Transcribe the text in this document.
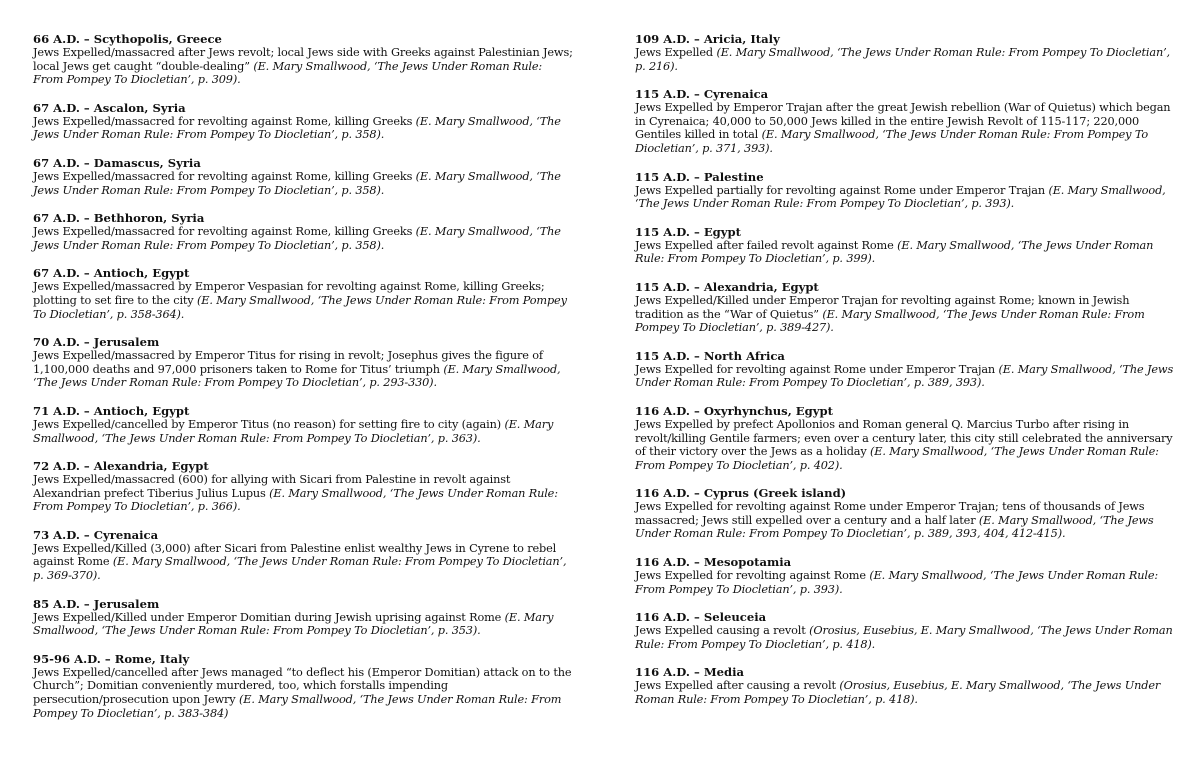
66 A.D. – Scythopolis, Greece
Jews Expelled/massacred after Jews revolt; local Jews side with Greeks against Palestinian Jews; local Jews get caught “double-dealing” (E. Mary Smallwood, ‘The Jews Under Roman Rule: From Pompey To Diocletian’, p. 309).
67 A.D. – Ascalon, Syria
Jews Expelled/massacred for revolting against Rome, killing Greeks (E. Mary Smallwood, ‘The Jews Under Roman Rule: From Pompey To Diocletian’, p. 358).
67 A.D. – Damascus, Syria
Jews Expelled/massacred for revolting against Rome, killing Greeks (E. Mary Smallwood, ‘The Jews Under Roman Rule: From Pompey To Diocletian’, p. 358).
67 A.D. – Bethhoron, Syria
Jews Expelled/massacred for revolting against Rome, killing Greeks (E. Mary Smallwood, ‘The Jews Under Roman Rule: From Pompey To Diocletian’, p. 358).
67 A.D. – Antioch, Egypt
Jews Expelled/massacred by Emperor Vespasian for revolting against Rome, killing Greeks; plotting to set fire to the city (E. Mary Smallwood, ‘The Jews Under Roman Rule: From Pompey To Diocletian’, p. 358-364).
70 A.D. – Jerusalem
Jews Expelled/massacred by Emperor Titus for rising in revolt; Josephus gives the figure of 1,100,000 deaths and 97,000 prisoners taken to Rome for Titus’ triumph (E. Mary Smallwood, ‘The Jews Under Roman Rule: From Pompey To Diocletian’, p. 293-330).
71 A.D. – Antioch, Egypt
Jews Expelled/cancelled by Emperor Titus (no reason) for setting fire to city (again) (E. Mary Smallwood, ‘The Jews Under Roman Rule: From Pompey To Diocletian’, p. 363).
72 A.D. – Alexandria, Egypt
Jews Expelled/massacred (600) for allying with Sicari from Palestine in revolt against Alexandrian prefect Tiberius Julius Lupus (E. Mary Smallwood, ‘The Jews Under Roman Rule: From Pompey To Diocletian’, p. 366).
73 A.D. – Cyrenaica
Jews Expelled/Killed (3,000) after Sicari from Palestine enlist wealthy Jews in Cyrene to rebel against Rome (E. Mary Smallwood, ‘The Jews Under Roman Rule: From Pompey To Diocletian’, p. 369-370).
85 A.D. – Jerusalem
Jews Expelled/Killed under Emperor Domitian during Jewish uprising against Rome (E. Mary Smallwood, ‘The Jews Under Roman Rule: From Pompey To Diocletian’, p. 353).
95-96 A.D. – Rome, Italy
Jews Expelled/cancelled after Jews managed “to deflect his (Emperor Domitian) attack on to the Church”; Domitian conveniently murdered, too, which forstalls impending persecution/prosecution upon Jewry (E. Mary Smallwood, ‘The Jews Under Roman Rule: From Pompey To Diocletian’, p. 383-384)
109 A.D. – Aricia, Italy
Jews Expelled (E. Mary Smallwood, ‘The Jews Under Roman Rule: From Pompey To Diocletian’, p. 216).
115 A.D. – Cyrenaica
Jews Expelled by Emperor Trajan after the great Jewish rebellion (War of Quietus) which began in Cyrenaica; 40,000 to 50,000 Jews killed in the entire Jewish Revolt of 115-117; 220,000 Gentiles killed in total (E. Mary Smallwood, ‘The Jews Under Roman Rule: From Pompey To Diocletian’, p. 371, 393).
115 A.D. – Palestine
Jews Expelled partially for revolting against Rome under Emperor Trajan (E. Mary Smallwood, ‘The Jews Under Roman Rule: From Pompey To Diocletian’, p. 393).
115 A.D. – Egypt
Jews Expelled after failed revolt against Rome (E. Mary Smallwood, ‘The Jews Under Roman Rule: From Pompey To Diocletian’, p. 399).
115 A.D. – Alexandria, Egypt
Jews Expelled/Killed under Emperor Trajan for revolting against Rome; known in Jewish tradition as the “War of Quietus” (E. Mary Smallwood, ‘The Jews Under Roman Rule: From Pompey To Diocletian’, p. 389-427).
115 A.D. – North Africa
Jews Expelled for revolting against Rome under Emperor Trajan (E. Mary Smallwood, ‘The Jews Under Roman Rule: From Pompey To Diocletian’, p. 389, 393).
116 A.D. – Oxyrhynchus, Egypt
Jews Expelled by prefect Apollonios and Roman general Q. Marcius Turbo after rising in revolt/killing Gentile farmers; even over a century later, this city still celebrated the anniversary of their victory over the Jews as a holiday (E. Mary Smallwood, ‘The Jews Under Roman Rule: From Pompey To Diocletian’, p. 402).
116 A.D. – Cyprus (Greek island)
Jews Expelled for revolting against Rome under Emperor Trajan; tens of thousands of Jews massacred; Jews still expelled over a century and a half later (E. Mary Smallwood, ‘The Jews Under Roman Rule: From Pompey To Diocletian’, p. 389, 393, 404, 412-415).
116 A.D. – Mesopotamia
Jews Expelled for revolting against Rome (E. Mary Smallwood, ‘The Jews Under Roman Rule: From Pompey To Diocletian’, p. 393).
116 A.D. – Seleuceia
Jews Expelled causing a revolt (Orosius, Eusebius, E. Mary Smallwood, ‘The Jews Under Roman Rule: From Pompey To Diocletian’, p. 418).
116 A.D. – Media
Jews Expelled after causing a revolt (Orosius, Eusebius, E. Mary Smallwood, ‘The Jews Under Roman Rule: From Pompey To Diocletian’, p. 418).
